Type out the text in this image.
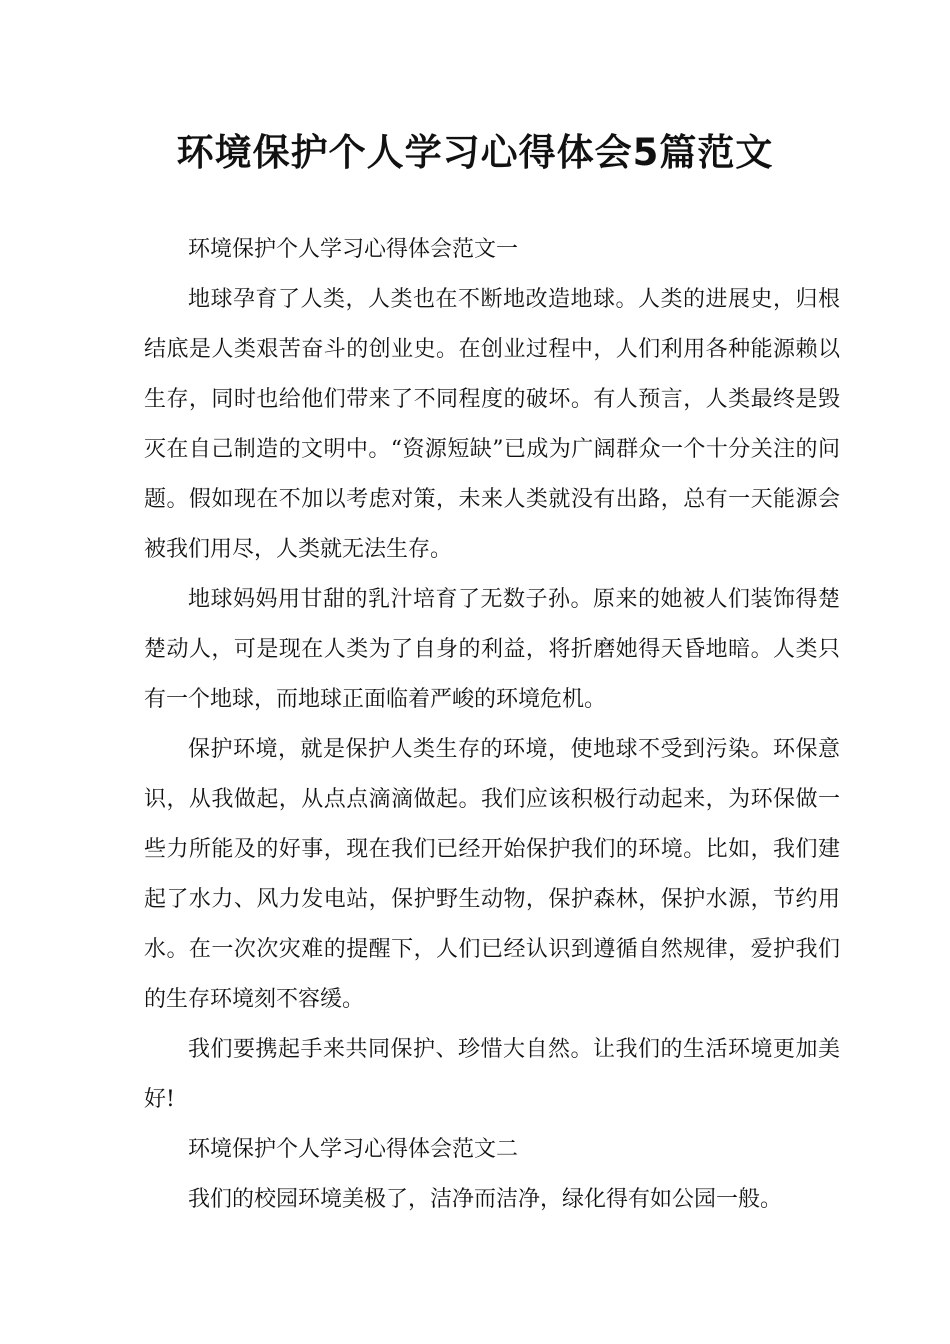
环境保护个人学习心得体会5篇范文

环境保护个人学习心得体会范文一

地球孕育了人类，人类也在不断地改造地球。人类的进展史，归根结底是人类艰苦奋斗的创业史。在创业过程中，人们利用各种能源赖以生存，同时也给他们带来了不同程度的破坏。有人预言，人类最终是毁灭在自己制造的文明中。“资源短缺”已成为广阔群众一个十分关注的问题。假如现在不加以考虑对策，未来人类就没有出路，总有一天能源会被我们用尽，人类就无法生存。

地球妈妈用甘甜的乳汁培育了无数子孙。原来的她被人们装饰得楚楚动人，可是现在人类为了自身的利益，将折磨她得天昏地暗。人类只有一个地球，而地球正面临着严峻的环境危机。

保护环境，就是保护人类生存的环境，使地球不受到污染。环保意识，从我做起，从点点滴滴做起。我们应该积极行动起来，为环保做一些力所能及的好事，现在我们已经开始保护我们的环境。比如，我们建起了水力、风力发电站，保护野生动物，保护森林，保护水源，节约用水。在一次次灾难的提醒下，人们已经认识到遵循自然规律，爱护我们的生存环境刻不容缓。

我们要携起手来共同保护、珍惜大自然。让我们的生活环境更加美好!

环境保护个人学习心得体会范文二

我们的校园环境美极了，洁净而洁净，绿化得有如公园一般。
